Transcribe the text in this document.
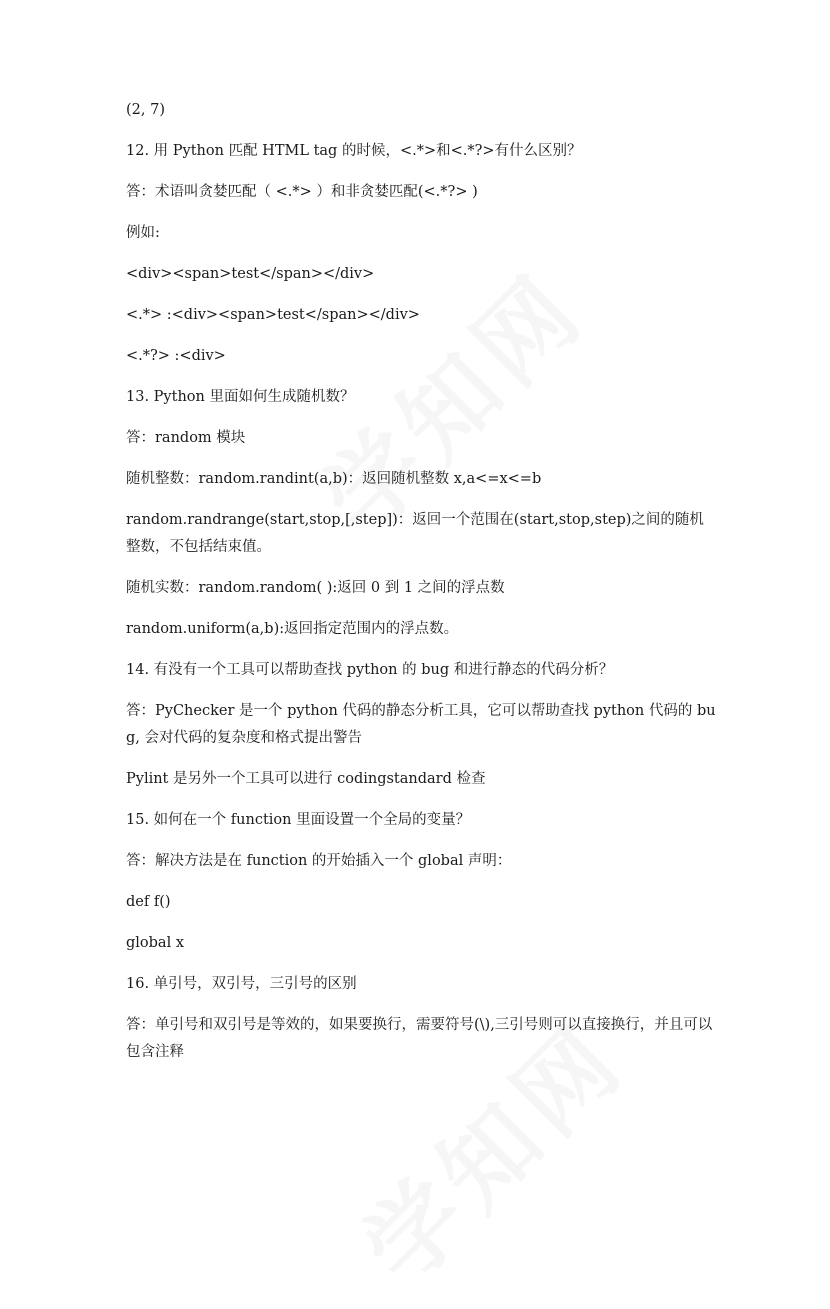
(2, 7)

12. 用 Python 匹配 HTML tag 的时候，<.*>和<.*?>有什么区别？

答：术语叫贪婪匹配（ <.*> ）和非贪婪匹配(<.*?> )

例如:

<div><span>test</span></div>

<.*> :<div><span>test</span></div>

<.*?> :<div>

13. Python 里面如何生成随机数？

答：random 模块

随机整数：random.randint(a,b)：返回随机整数 x,a<=x<=b

random.randrange(start,stop,[,step])：返回一个范围在(start,stop,step)之间的随机整数，不包括结束值。

随机实数：random.random( ):返回 0 到 1 之间的浮点数

random.uniform(a,b):返回指定范围内的浮点数。

14. 有没有一个工具可以帮助查找 python 的 bug 和进行静态的代码分析？

答：PyChecker 是一个 python 代码的静态分析工具，它可以帮助查找 python 代码的 bug, 会对代码的复杂度和格式提出警告

Pylint 是另外一个工具可以进行 codingstandard 检查

15. 如何在一个 function 里面设置一个全局的变量？

答：解决方法是在 function 的开始插入一个 global 声明：

def f()

global x

16. 单引号，双引号，三引号的区别

答：单引号和双引号是等效的，如果要换行，需要符号(\),三引号则可以直接换行，并且可以包含注释
